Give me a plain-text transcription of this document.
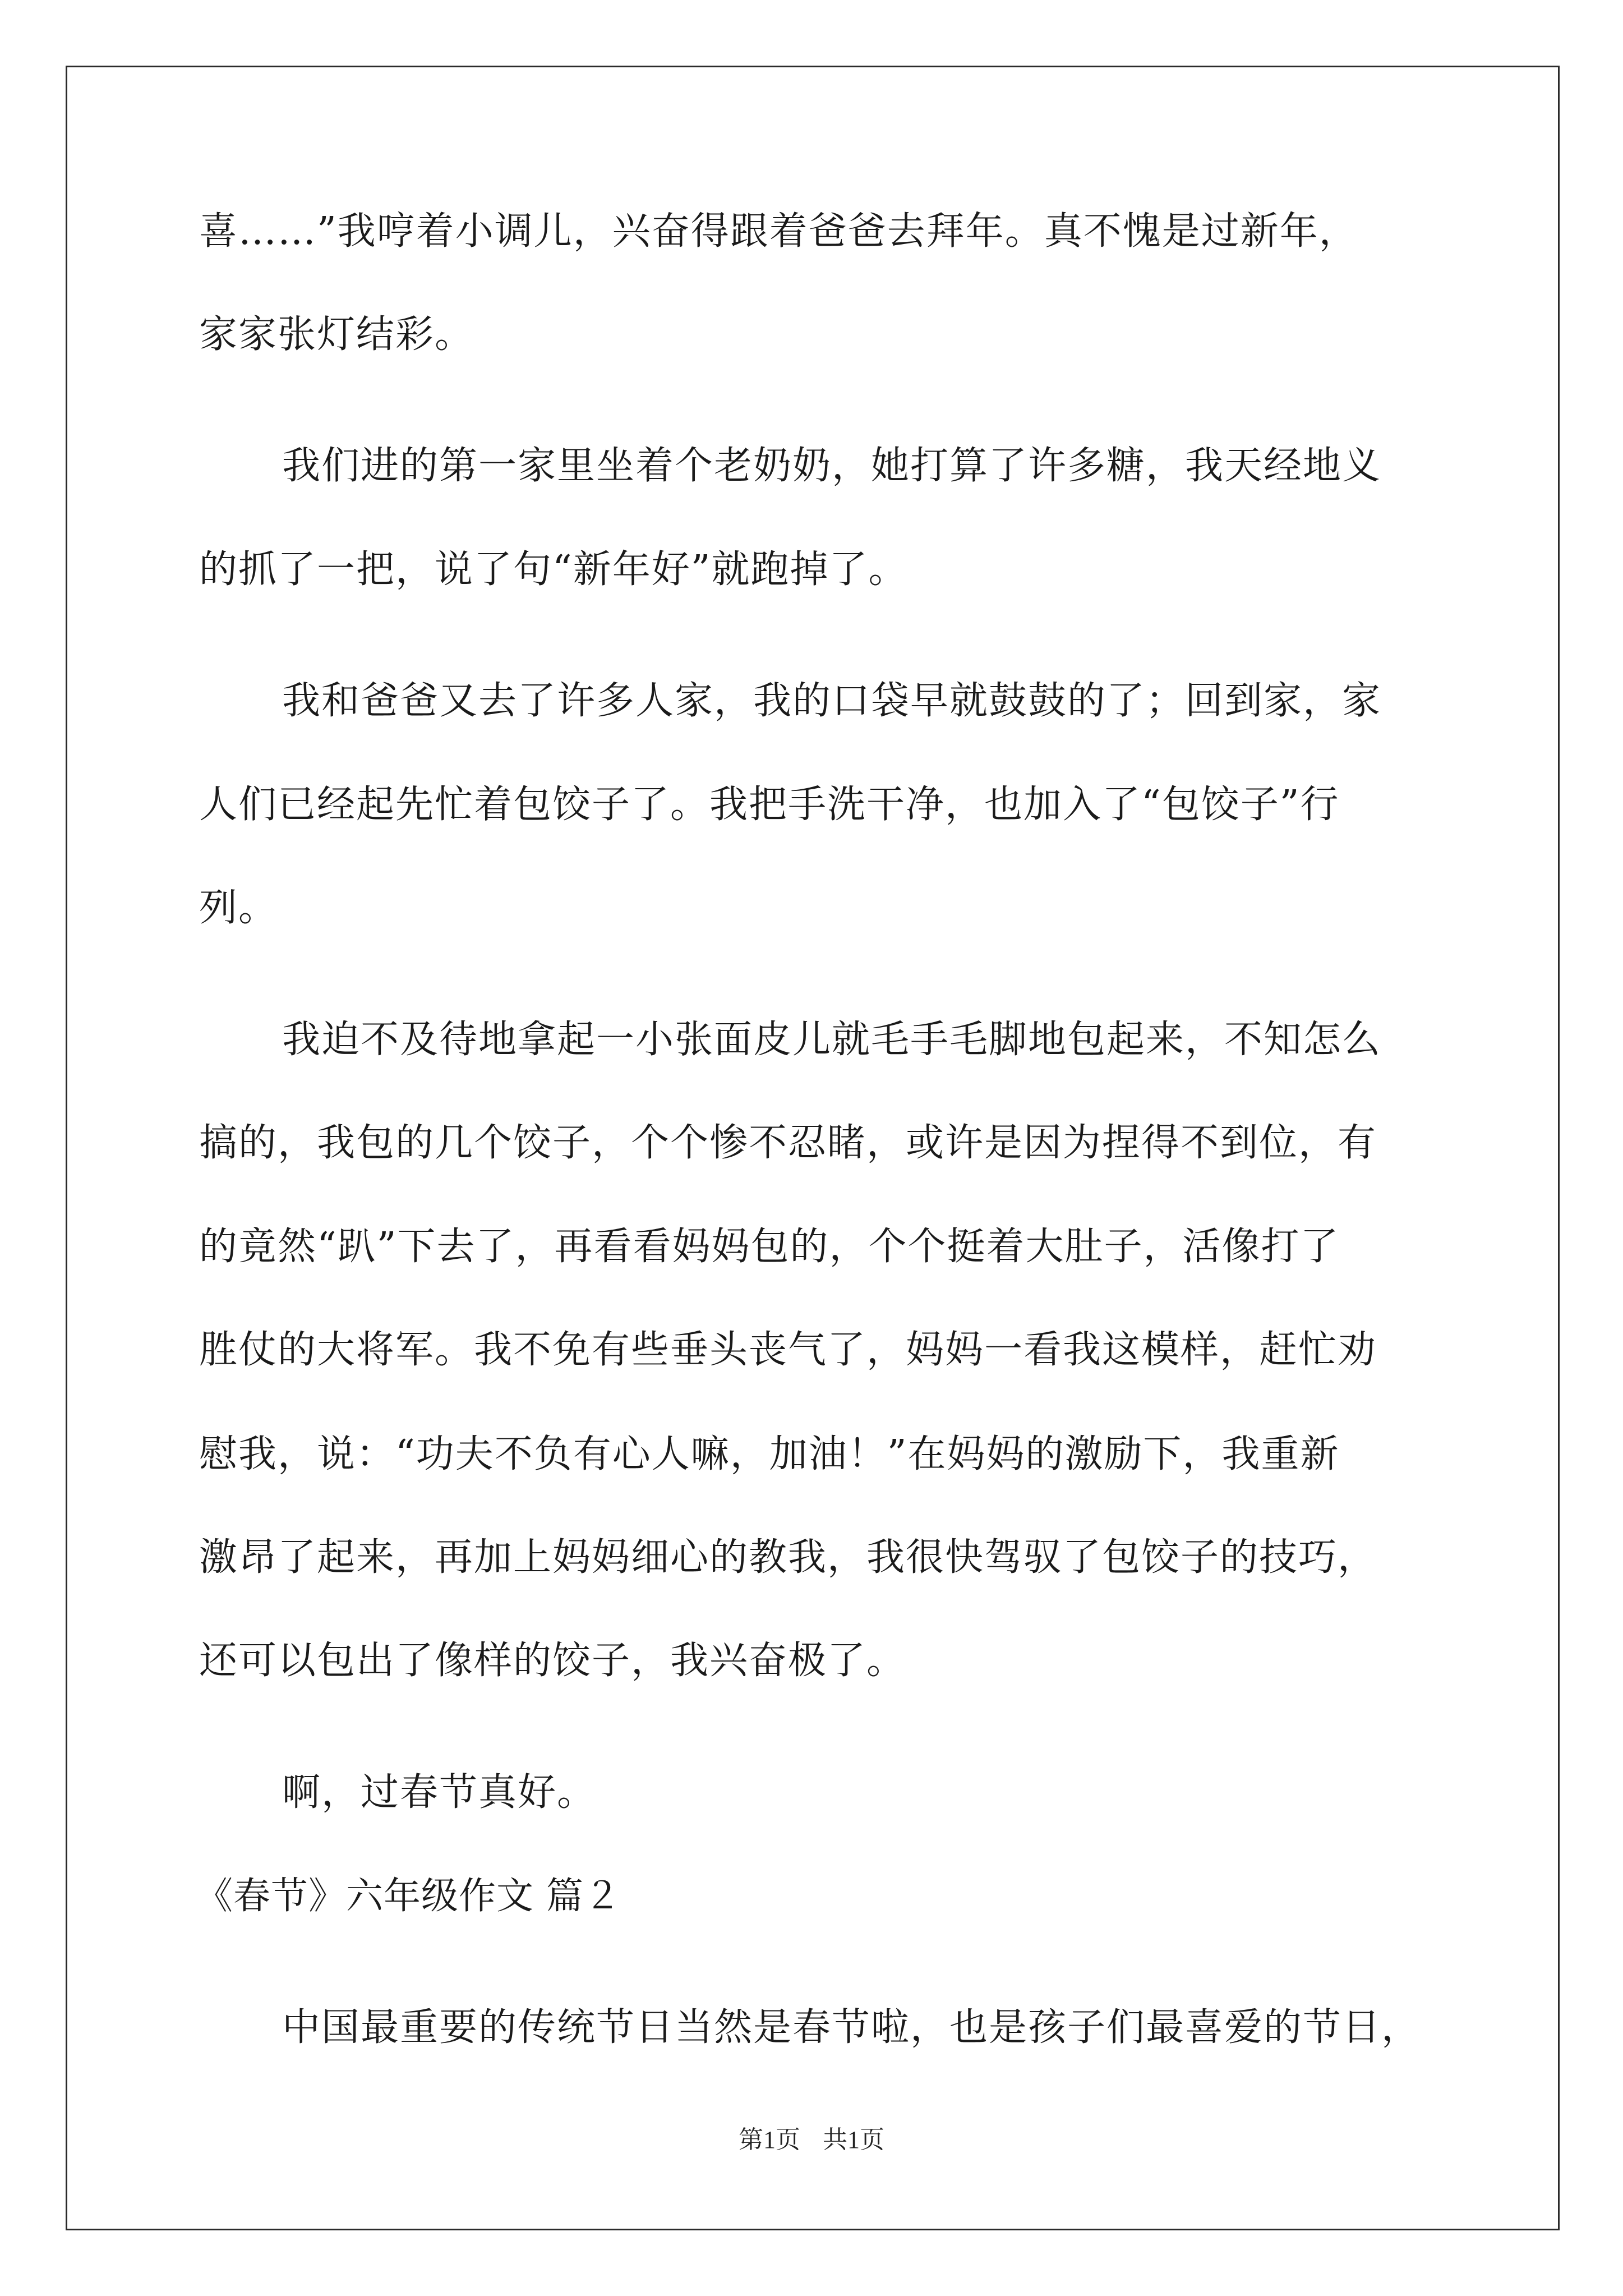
喜……”我哼着小调儿，兴奋得跟着爸爸去拜年。真不愧是过新年，
家家张灯结彩。
我们进的第一家里坐着个老奶奶，她打算了许多糖，我天经地义
的抓了一把，说了句“新年好”就跑掉了。
我和爸爸又去了许多人家，我的口袋早就鼓鼓的了；回到家，家
人们已经起先忙着包饺子了。我把手洗干净，也加入了“包饺子”行
列。
我迫不及待地拿起一小张面皮儿就毛手毛脚地包起来，不知怎么
搞的，我包的几个饺子，个个惨不忍睹，或许是因为捏得不到位，有
的竟然“趴”下去了，再看看妈妈包的，个个挺着大肚子，活像打了
胜仗的大将军。我不免有些垂头丧气了，妈妈一看我这模样，赶忙劝
慰我，说：“功夫不负有心人嘛，加油！”在妈妈的激励下，我重新
激昂了起来，再加上妈妈细心的教我，我很快驾驭了包饺子的技巧，
还可以包出了像样的饺子，我兴奋极了。
啊，过春节真好。
《春节》六年级作文 篇２
中国最重要的传统节日当然是春节啦，也是孩子们最喜爱的节日，
第1页 共1页
